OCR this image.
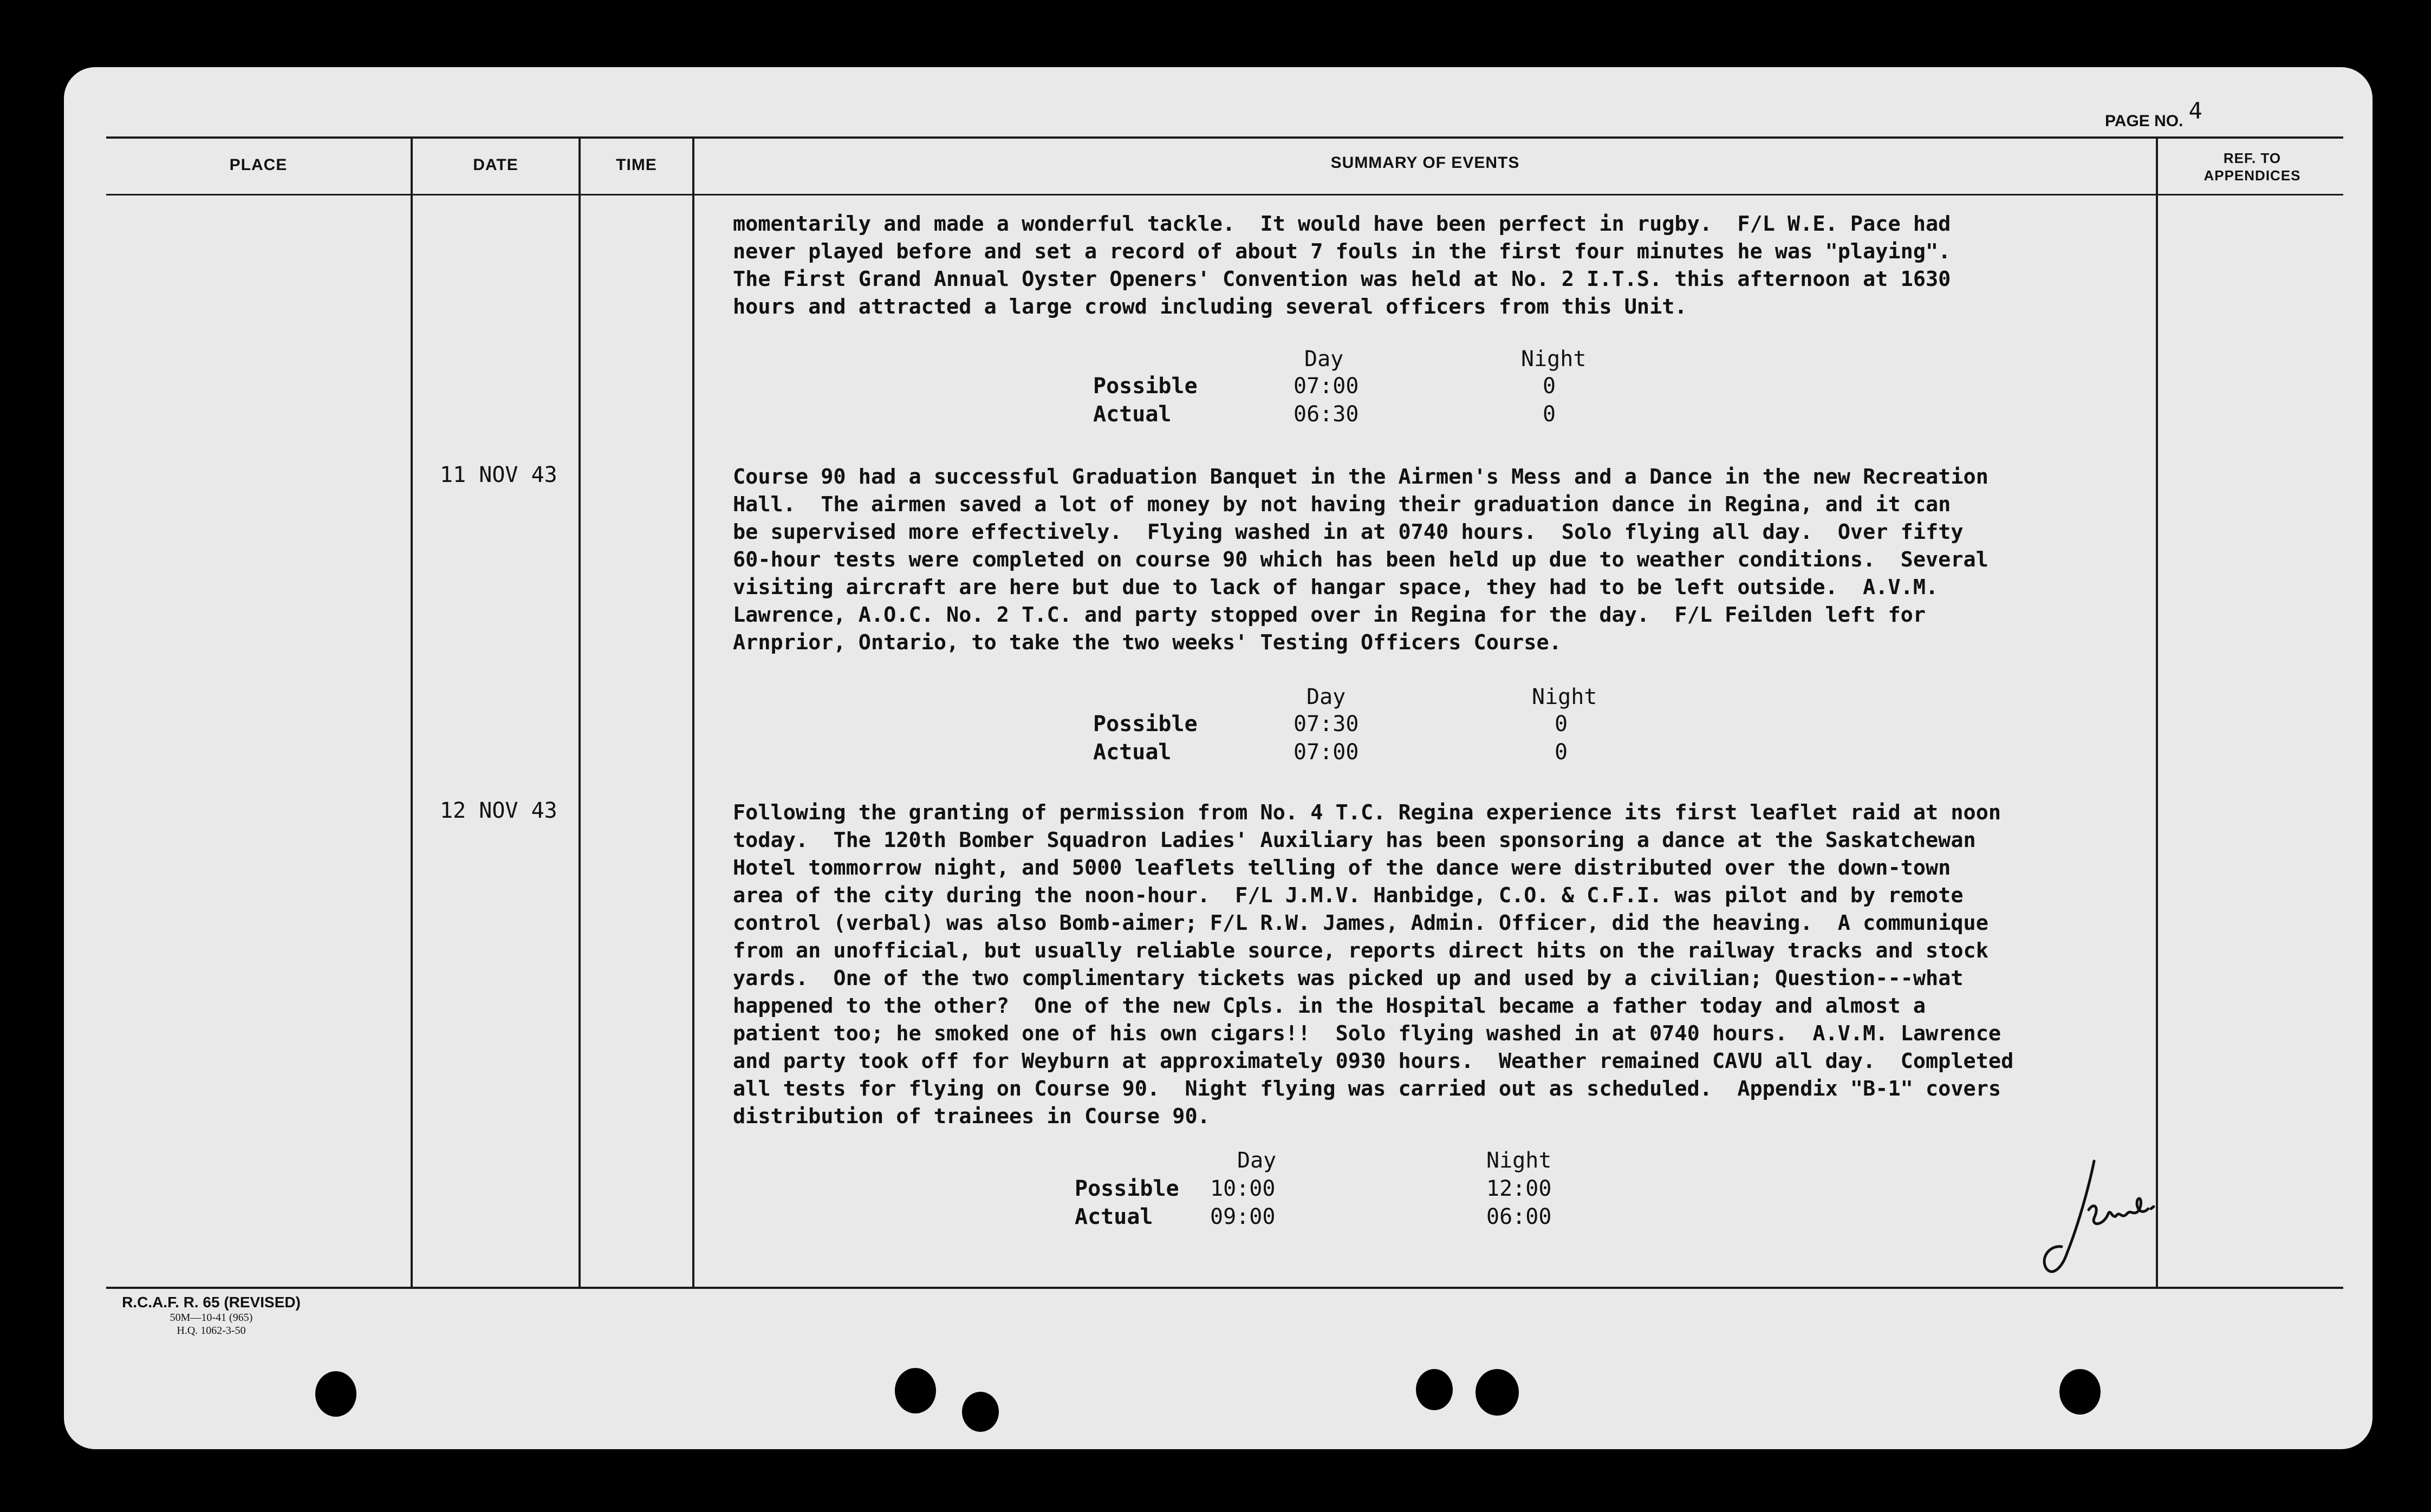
PAGE NO. 4
PLACE	DATE	TIME	SUMMARY OF EVENTS	REF. TO APPENDICES
momentarily and made a wonderful tackle.  It would have been perfect in rugby.  F/L W.E. Pace had
never played before and set a record of about 7 fouls in the first four minutes he was "playing".
The First Grand Annual Oyster Openers' Convention was held at No. 2 I.T.S. this afternoon at 1630
hours and attracted a large crowd including several officers from this Unit.
Day	Night
Possible	07:00	0
Actual	06:30	0
11 NOV 43	Course 90 had a successful Graduation Banquet in the Airmen's Mess and a Dance in the new Recreation
Hall.  The airmen saved a lot of money by not having their graduation dance in Regina, and it can
be supervised more effectively.  Flying washed in at 0740 hours.  Solo flying all day.  Over fifty
60-hour tests were completed on course 90 which has been held up due to weather conditions.  Several
visiting aircraft are here but due to lack of hangar space, they had to be left outside.  A.V.M.
Lawrence, A.O.C. No. 2 T.C. and party stopped over in Regina for the day.  F/L Feilden left for
Arnprior, Ontario, to take the two weeks' Testing Officers Course.
Day	Night
Possible	07:30	0
Actual	07:00	0
12 NOV 43	Following the granting of permission from No. 4 T.C. Regina experience its first leaflet raid at noon
today.  The 120th Bomber Squadron Ladies' Auxiliary has been sponsoring a dance at the Saskatchewan
Hotel tommorrow night, and 5000 leaflets telling of the dance were distributed over the down-town
area of the city during the noon-hour.  F/L J.M.V. Hanbidge, C.O. & C.F.I. was pilot and by remote
control (verbal) was also Bomb-aimer; F/L R.W. James, Admin. Officer, did the heaving.  A communique
from an unofficial, but usually reliable source, reports direct hits on the railway tracks and stock
yards.  One of the two complimentary tickets was picked up and used by a civilian; Question---what
happened to the other?  One of the new Cpls. in the Hospital became a father today and almost a
patient too; he smoked one of his own cigars!!  Solo flying washed in at 0740 hours.  A.V.M. Lawrence
and party took off for Weyburn at approximately 0930 hours.  Weather remained CAVU all day.  Completed
all tests for flying on Course 90.  Night flying was carried out as scheduled.  Appendix "B-1" covers
distribution of trainees in Course 90.
Day	Night
Possible 10:00	12:00
Actual	09:00	06:00
R.C.A.F. R. 65 (REVISED)
50M—10-41 (965)
H.Q. 1062-3-50
